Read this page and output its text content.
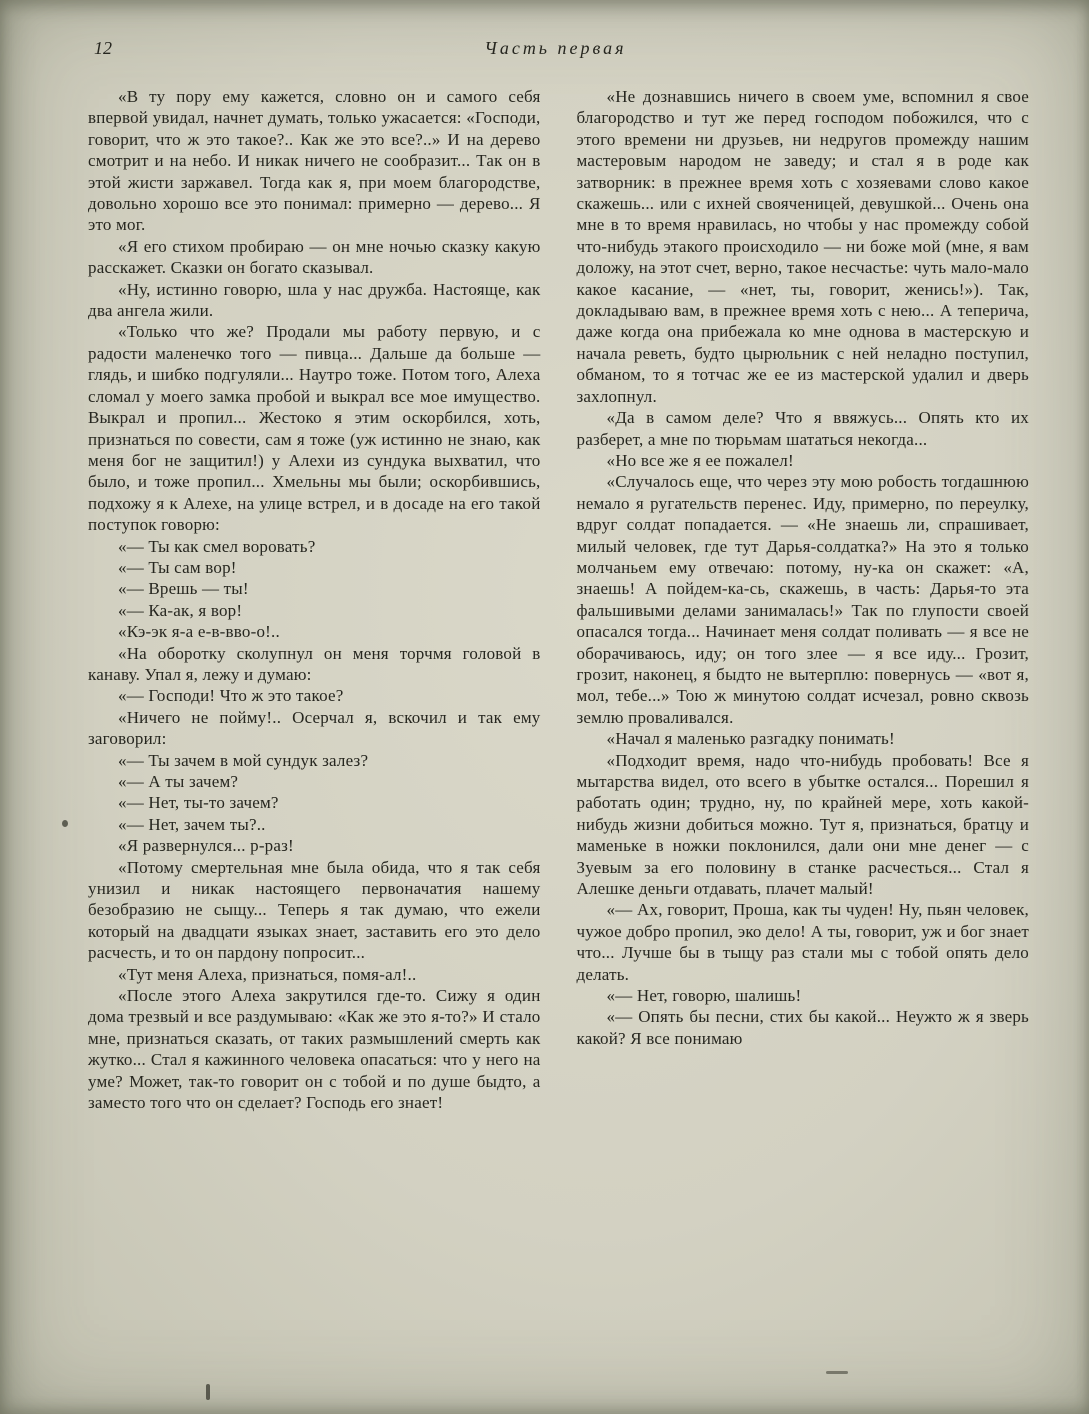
12	Часть первая

«В ту пору ему кажется, словно он и самого себя впервой увидал, начнет думать, только ужасается: «Господи, говорит, что ж это такое?.. Как же это все?..» И на дерево смотрит и на небо. И никак ничего не сообразит... Так он в этой жисти заржавел. Тогда как я, при моем благородстве, довольно хорошо все это понимал: примерно — дерево... Я это мог.

«Я его стихом пробираю — он мне ночью сказку какую расскажет. Сказки он богато сказывал.

«Ну, истинно говорю, шла у нас дружба. Настояще, как два ангела жили.

«Только что же? Продали мы работу первую, и с радости маленечко того — пивца... Дальше да больше — глядь, и шибко подгуляли... Наутро тоже. Потом того, Алеха сломал у моего замка пробой и выкрал все мое имущество. Выкрал и пропил... Жестоко я этим оскорбился, хоть, признаться по совести, сам я тоже (уж истинно не знаю, как меня бог не защитил!) у Алехи из сундука выхватил, что было, и тоже пропил... Хмельны мы были; оскорбившись, подхожу я к Алехе, на улице встрел, и в досаде на его такой поступок говорю:

«— Ты как смел воровать?

«— Ты сам вор!

«— Врешь — ты!

«— Ка-ак, я вор!

«Кэ-эк я-а е-в-вво-о!..

«На оборотку сколупнул он меня торчмя головой в канаву. Упал я, лежу и думаю:

«— Господи! Что ж это такое?

«Ничего не пойму!.. Осерчал я, вскочил и так ему заговорил:

«— Ты зачем в мой сундук залез?

«— А ты зачем?

«— Нет, ты-то зачем?

«— Нет, зачем ты?..

«Я развернулся... р-раз!

«Потому смертельная мне была обида, что я так себя унизил и никак настоящего первоначатия нашему безобразию не сыщу... Теперь я так думаю, что ежели который на двадцати языках знает, заставить его это дело расчесть, и то он пардону попросит...

«Тут меня Алеха, признаться, помя-ал!..

«После этого Алеха закрутился где-то. Сижу я один дома трезвый и все раздумываю: «Как же это я-то?» И стало мне, признаться сказать, от таких размышлений смерть как жутко... Стал я кажинного человека опасаться: что у него на уме? Может, так-то говорит он с тобой и по душе быдто, а заместо того что он сделает? Господь его знает!

«Не дознавшись ничего в своем уме, вспомнил я свое благородство и тут же перед господом побожился, что с этого времени ни друзьев, ни недругов промежду нашим мастеровым народом не заведу; и стал я в роде как затворник: в прежнее время хоть с хозяевами слово какое скажешь... или с ихней свояченицей, девушкой... Очень она мне в то время нравилась, но чтобы у нас промежду собой что-нибудь этакого происходило — ни боже мой (мне, я вам доложу, на этот счет, верно, такое несчастье: чуть мало-мало какое касание, — «нет, ты, говорит, женись!»). Так, докладываю вам, в прежнее время хоть с нею... А теперича, даже когда она прибежала ко мне однова в мастерскую и начала реветь, будто цырюльник с ней неладно поступил, обманом, то я тотчас же ее из мастерской удалил и дверь захлопнул.

«Да в самом деле? Что я ввяжусь... Опять кто их разберет, а мне по тюрьмам шататься некогда...

«Но все же я ее пожалел!

«Случалось еще, что через эту мою робость тогдашнюю немало я ругательств перенес. Иду, примерно, по переулку, вдруг солдат попадается. — «Не знаешь ли, спрашивает, милый человек, где тут Дарья-солдатка?» На это я только молчаньем ему отвечаю: потому, ну-ка он скажет: «А, знаешь! А пойдем-ка-сь, скажешь, в часть: Дарья-то эта фальшивыми делами занималась!» Так по глупости своей опасался тогда... Начинает меня солдат поливать — я все не оборачиваюсь, иду; он того злее — я все иду... Грозит, грозит, наконец, я быдто не вытерплю: повернусь — «вот я, мол, тебе...» Тою ж минутою солдат исчезал, ровно сквозь землю проваливался.

«Начал я маленько разгадку понимать!

«Подходит время, надо что-нибудь пробовать! Все я мытарства видел, ото всего в убытке остался... Порешил я работать один; трудно, ну, по крайней мере, хоть какой-нибудь жизни добиться можно. Тут я, признаться, братцу и маменьке в ножки поклонился, дали они мне денег — с Зуевым за его половину в станке расчесться... Стал я Алешке деньги отдавать, плачет малый!

«— Ах, говорит, Проша, как ты чуден! Ну, пьян человек, чужое добро пропил, эко дело! А ты, говорит, уж и бог знает что... Лучше бы в тыщу раз стали мы с тобой опять дело делать.

«— Нет, говорю, шалишь!

«— Опять бы песни, стих бы какой... Неужто ж я зверь какой? Я все понимаю
